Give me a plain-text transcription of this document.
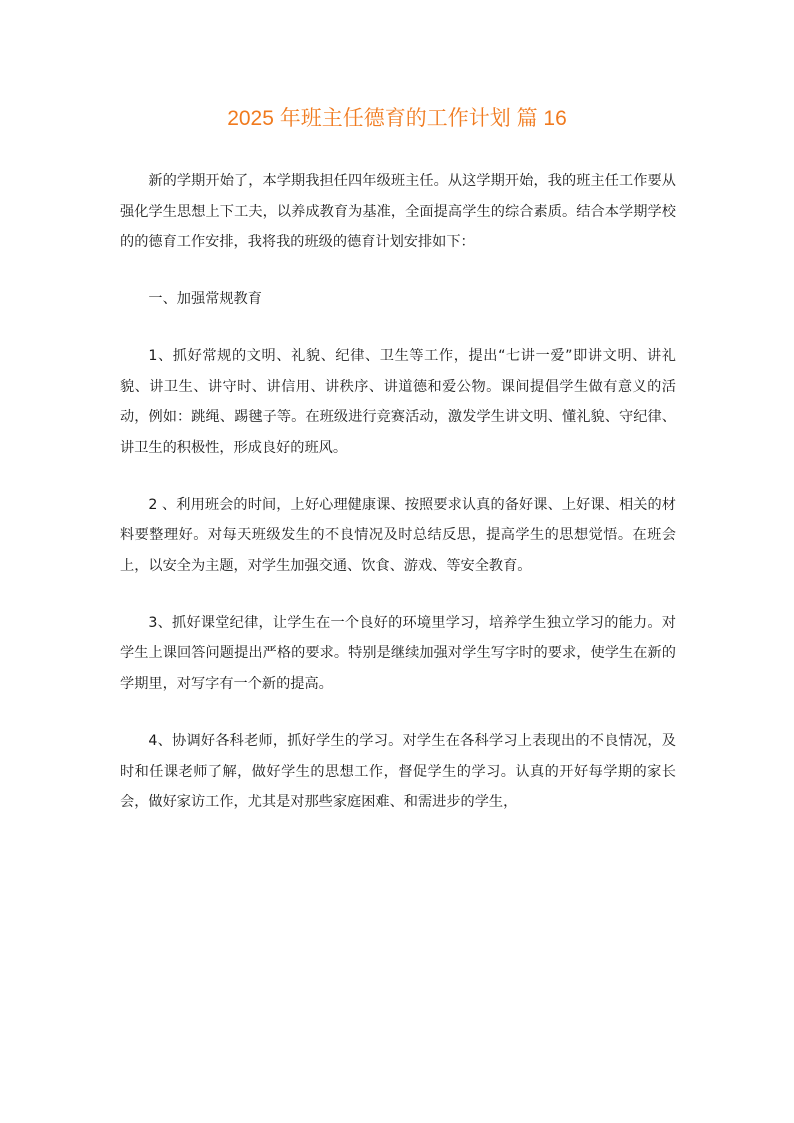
2025 年班主任德育的工作计划 篇 16

新的学期开始了，本学期我担任四年级班主任。从这学期开始，我的班主任工作要从强化学生思想上下工夫，以养成教育为基准，全面提高学生的综合素质。结合本学期学校的的德育工作安排，我将我的班级的德育计划安排如下：

一、加强常规教育

1、抓好常规的文明、礼貌、纪律、卫生等工作，提出“七讲一爱”即讲文明、讲礼貌、讲卫生、讲守时、讲信用、讲秩序、讲道德和爱公物。课间提倡学生做有意义的活动，例如：跳绳、踢毽子等。在班级进行竞赛活动，激发学生讲文明、懂礼貌、守纪律、讲卫生的积极性，形成良好的班风。

2 、利用班会的时间，上好心理健康课、按照要求认真的备好课、上好课、相关的材料要整理好。对每天班级发生的不良情况及时总结反思，提高学生的思想觉悟。在班会上，以安全为主题，对学生加强交通、饮食、游戏、等安全教育。

3、抓好课堂纪律，让学生在一个良好的环境里学习，培养学生独立学习的能力。对学生上课回答问题提出严格的要求。特别是继续加强对学生写字时的要求，使学生在新的学期里，对写字有一个新的提高。

4、协调好各科老师，抓好学生的学习。对学生在各科学习上表现出的不良情况，及时和任课老师了解，做好学生的思想工作，督促学生的学习。认真的开好每学期的家长会，做好家访工作，尤其是对那些家庭困难、和需进步的学生，
